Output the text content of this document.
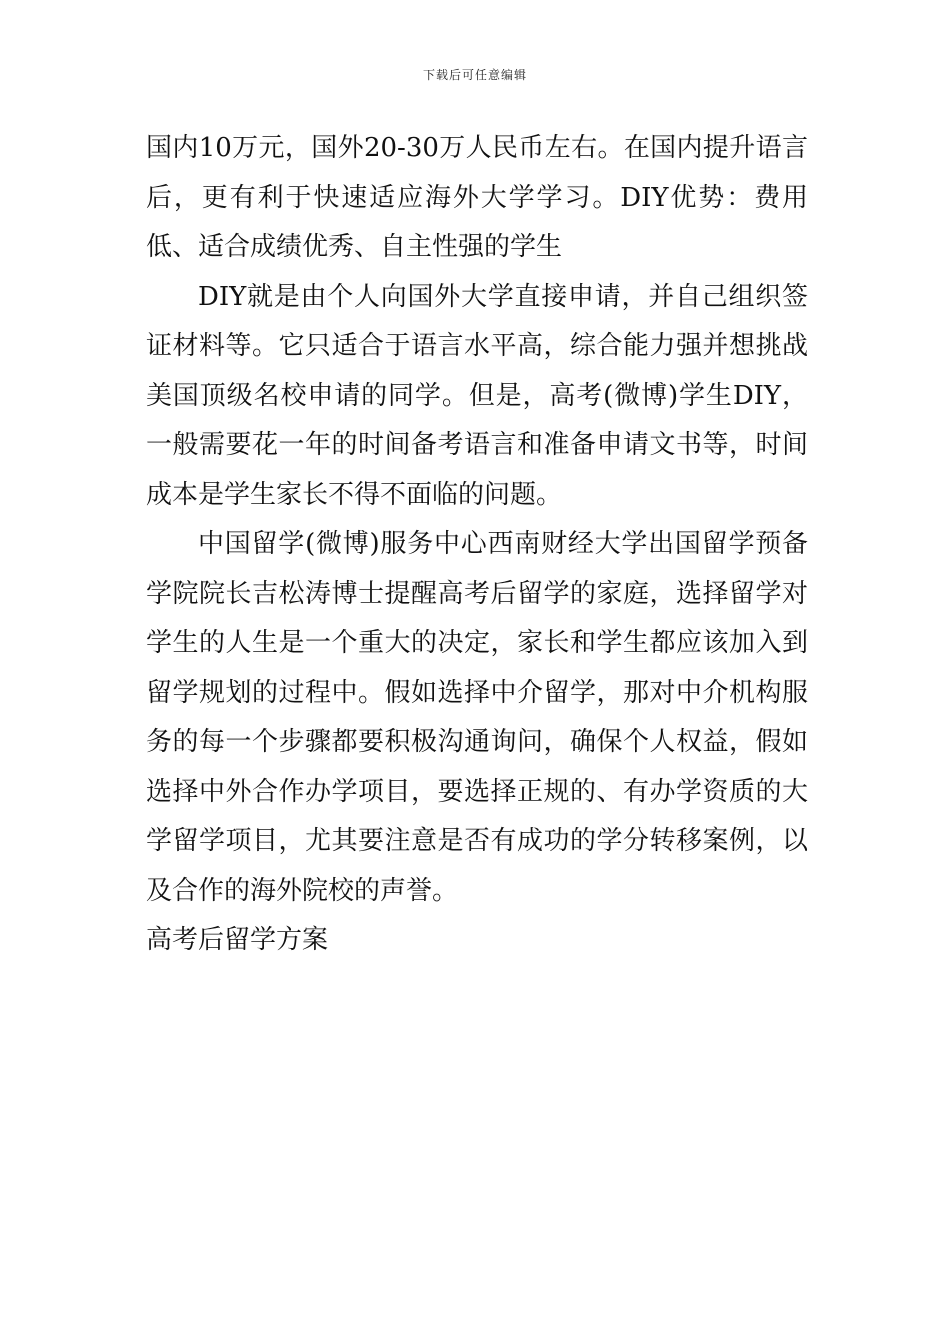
下载后可任意编辑

国内10万元，国外20-30万人民币左右。在国内提升语言后，更有利于快速适应海外大学学习。DIY优势：费用低、适合成绩优秀、自主性强的学生

DIY就是由个人向国外大学直接申请，并自己组织签证材料等。它只适合于语言水平高，综合能力强并想挑战美国顶级名校申请的同学。但是，高考(微博)学生DIY，一般需要花一年的时间备考语言和准备申请文书等，时间成本是学生家长不得不面临的问题。

中国留学(微博)服务中心西南财经大学出国留学预备学院院长吉松涛博士提醒高考后留学的家庭，选择留学对学生的人生是一个重大的决定，家长和学生都应该加入到留学规划的过程中。假如选择中介留学，那对中介机构服务的每一个步骤都要积极沟通询问，确保个人权益，假如选择中外合作办学项目，要选择正规的、有办学资质的大学留学项目，尤其要注意是否有成功的学分转移案例，以及合作的海外院校的声誉。

高考后留学方案
